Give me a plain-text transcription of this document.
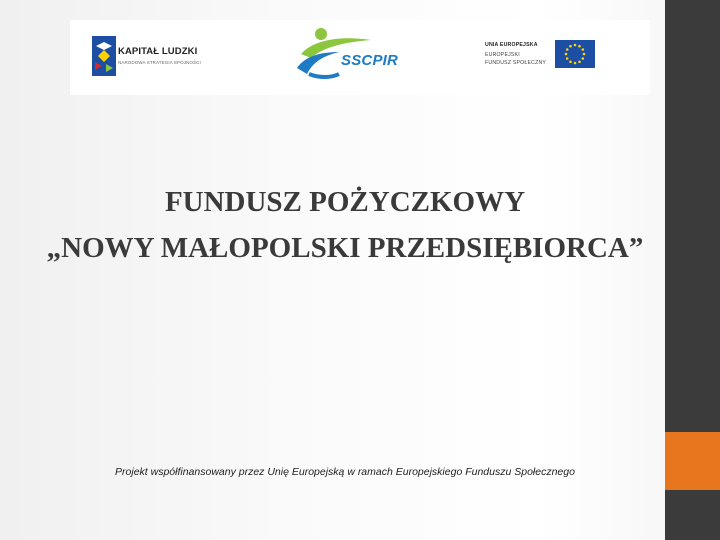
KAPITAŁ LUDZKI
NARODOWA STRATEGIA SPÓJNOŚCI	SSCPIR
UNIA EUROPEJSKA
EUROPEJSKI
FUNDUSZ SPOŁECZNY
FUNDUSZ POŻYCZKOWY
„NOWY MAŁOPOLSKI PRZEDSIĘBIORCA”
Projekt współfinansowany przez Unię Europejską w ramach Europejskiego Funduszu Społecznego
